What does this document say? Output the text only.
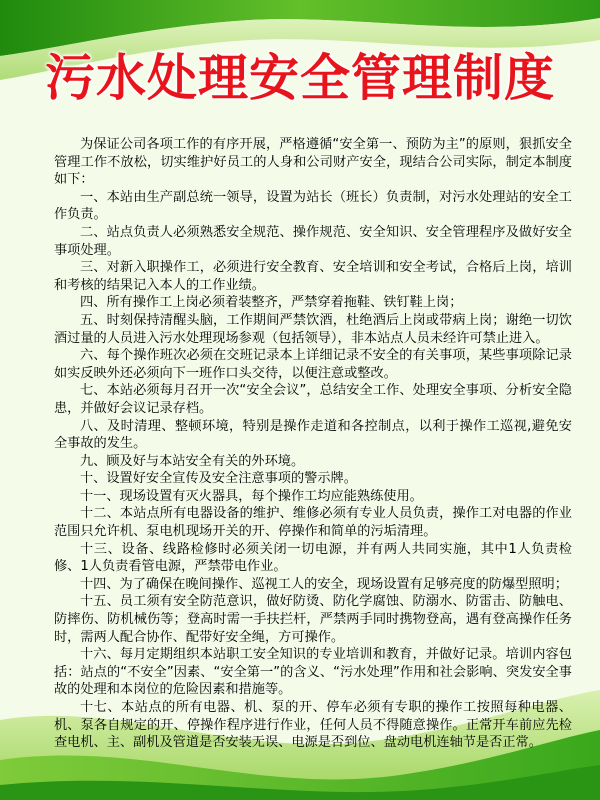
污水处理安全管理制度

为保证公司各项工作的有序开展，严格遵循“安全第一、预防为主”的原则，狠抓安全管理工作不放松，切实维护好员工的人身和公司财产安全，现结合公司实际，制定本制度如下：

一、本站由生产副总统一领导，设置为站长（班长）负责制，对污水处理站的安全工作负责。

二、站点负责人必须熟悉安全规范、操作规范、安全知识、安全管理程序及做好安全事项处理。

三、对新入职操作工，必须进行安全教育、安全培训和安全考试，合格后上岗，培训和考核的结果记入本人的工作业绩。

四、所有操作工上岗必须着装整齐，严禁穿着拖鞋、铁钉鞋上岗；

五、时刻保持清醒头脑，工作期间严禁饮酒，杜绝酒后上岗或带病上岗；谢绝一切饮酒过量的人员进入污水处理现场参观（包括领导），非本站点人员未经许可禁止进入。

六、每个操作班次必须在交班记录本上详细记录不安全的有关事项，某些事项除记录如实反映外还必须向下一班作口头交待，以便注意或整改。

七、本站必须每月召开一次“安全会议”，总结安全工作、处理安全事项、分析安全隐患，并做好会议记录存档。

八、及时清理、整顿环境，特别是操作走道和各控制点，以利于操作工巡视,避免安全事故的发生。

九、顾及好与本站安全有关的外环境。

十、设置好安全宣传及安全注意事项的警示牌。

十一、现场设置有灭火器具，每个操作工均应能熟练使用。

十二、本站点所有电器设备的维护、维修必须有专业人员负责，操作工对电器的作业范围只允许机、泵电机现场开关的开、停操作和简单的污垢清理。

十三、设备、线路检修时必须关闭一切电源，并有两人共同实施，其中1人负责检修、1人负责看管电源，严禁带电作业。

十四、为了确保在晚间操作、巡视工人的安全，现场设置有足够亮度的防爆型照明；

十五、员工须有安全防范意识，做好防烫、防化学腐蚀、防溺水、防雷击、防触电、防摔伤、防机械伤等；登高时需一手扶拦杆，严禁两手同时携物登高，遇有登高操作任务时，需两人配合协作、配带好安全绳，方可操作。

十六、每月定期组织本站职工安全知识的专业培训和教育，并做好记录。培训内容包括：站点的“不安全”因素、“安全第一”的含义、“污水处理”作用和社会影响、突发安全事故的处理和本岗位的危险因素和措施等。

十七、本站点的所有电器、机、泵的开、停车必须有专职的操作工按照每种电器、机、泵各自规定的开、停操作程序进行作业，任何人员不得随意操作。正常开车前应先检查电机、主、副机及管道是否安装无误、电源是否到位、盘动电机连轴节是否正常。
